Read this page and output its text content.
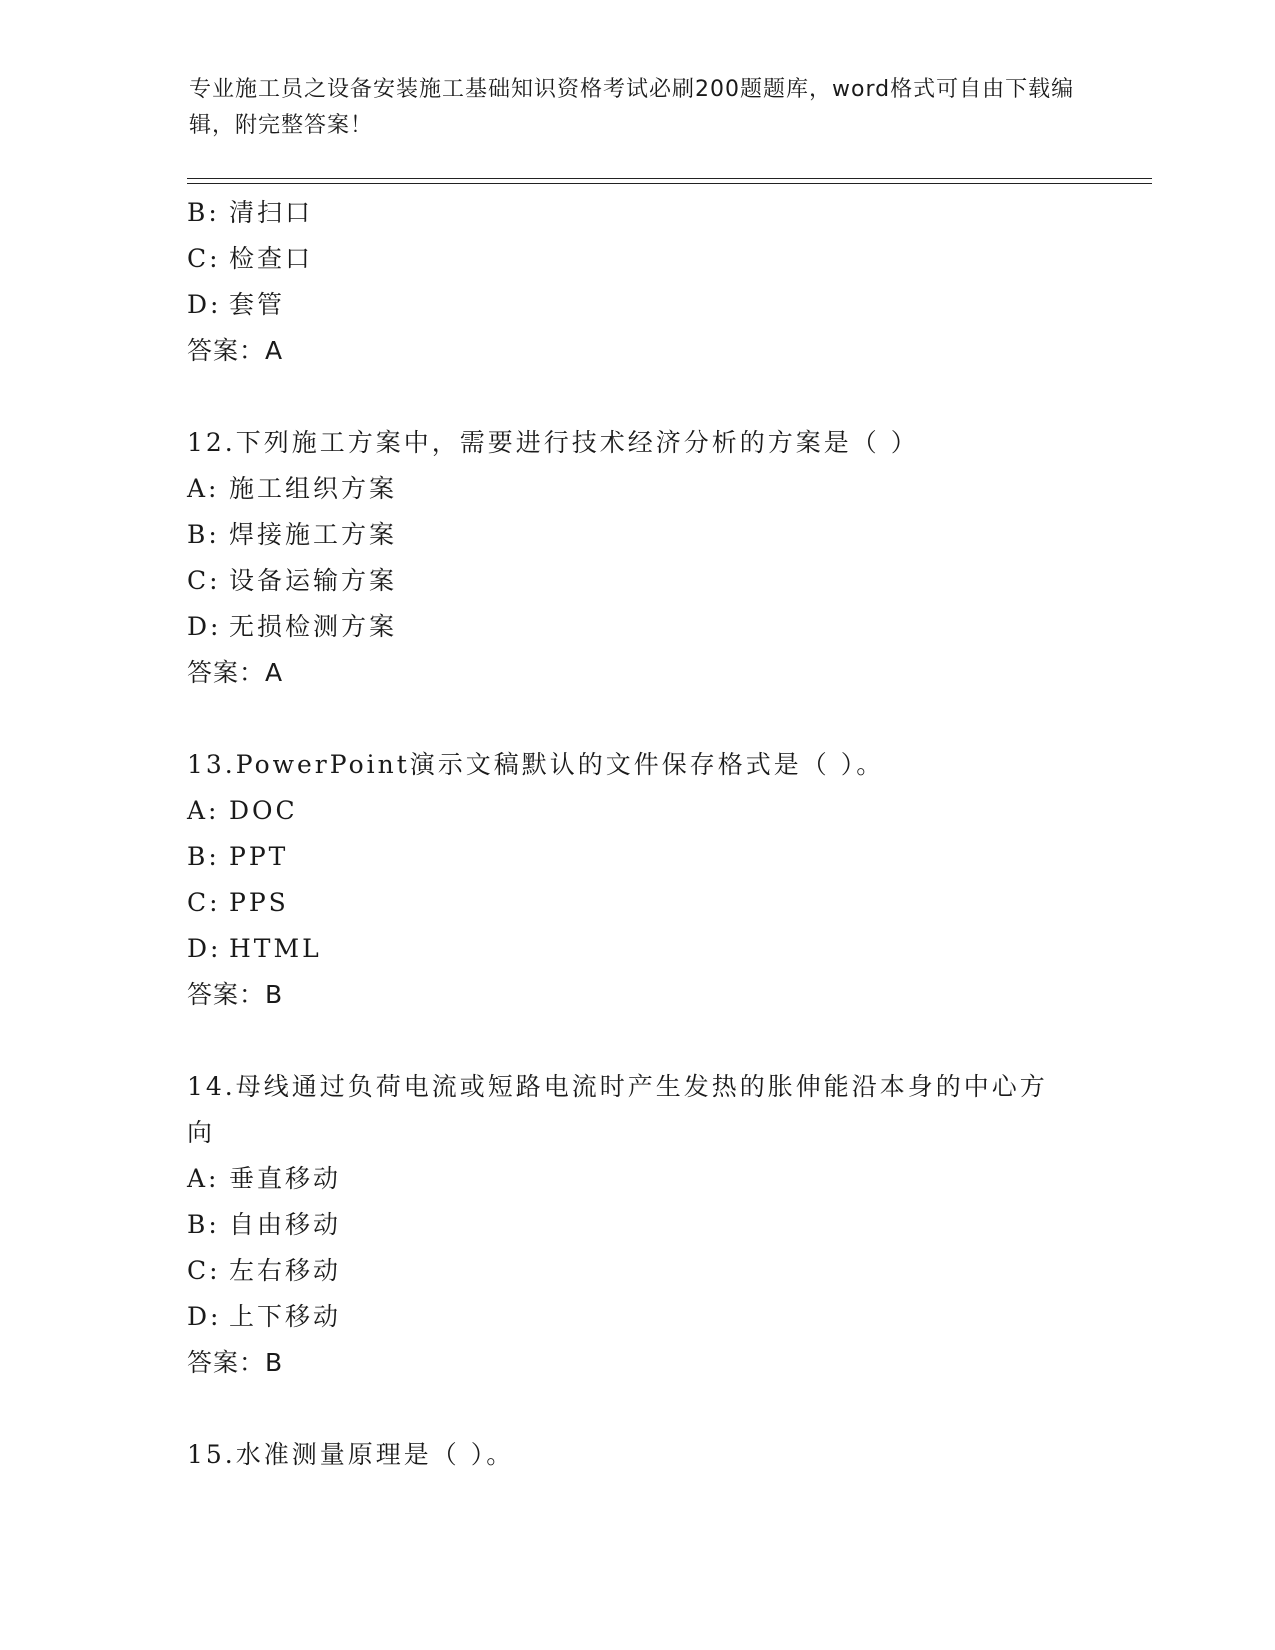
专业施工员之设备安装施工基础知识资格考试必刷200题题库，word格式可自由下载编辑，附完整答案！
B: 清扫口
C: 检查口
D: 套管
答案：A
12.下列施工方案中，需要进行技术经济分析的方案是（ ）
A: 施工组织方案
B: 焊接施工方案
C: 设备运输方案
D: 无损检测方案
答案：A
13.PowerPoint演示文稿默认的文件保存格式是（ ）。
A: DOC
B: PPT
C: PPS
D: HTML
答案：B
14.母线通过负荷电流或短路电流时产生发热的胀伸能沿本身的中心方向
A: 垂直移动
B: 自由移动
C: 左右移动
D: 上下移动
答案：B
15.水准测量原理是（ ）。
